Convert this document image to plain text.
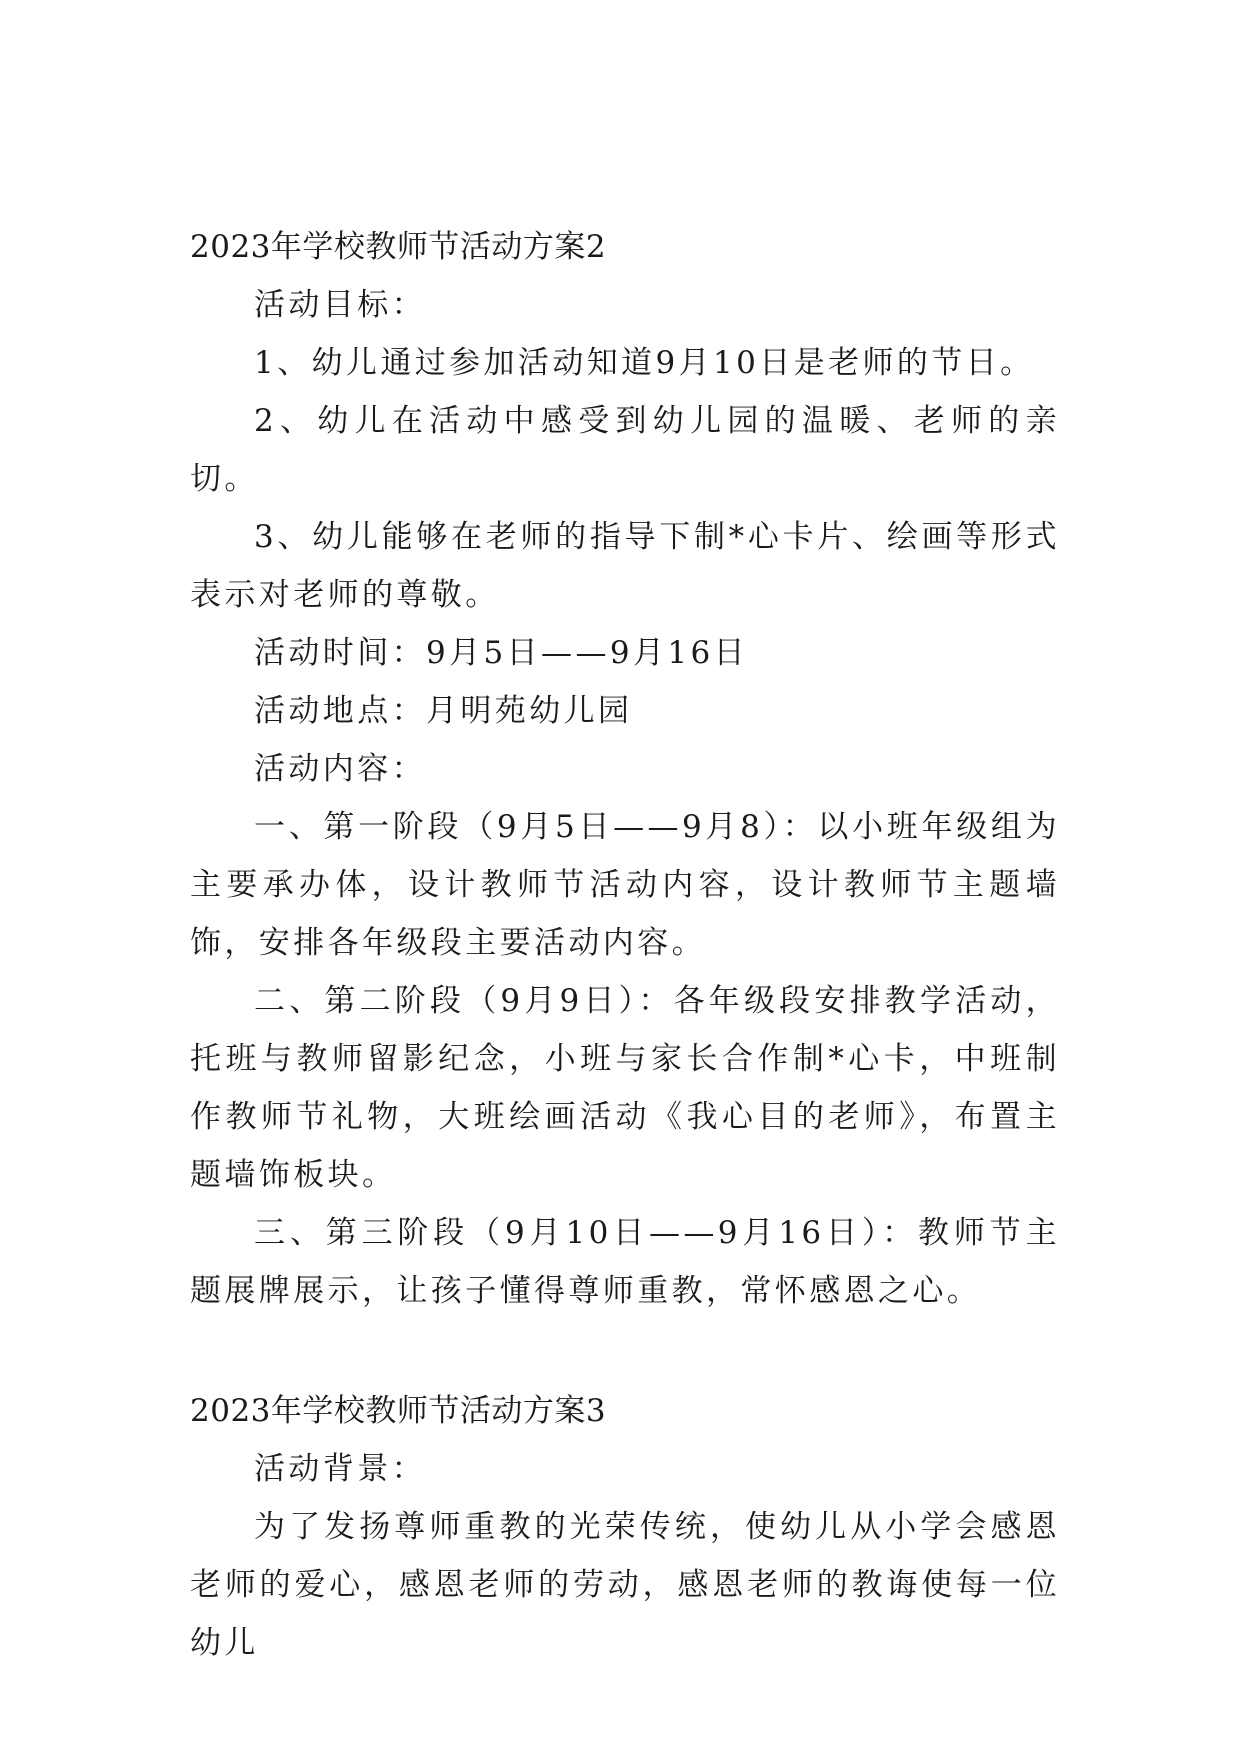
2023年学校教师节活动方案2

活动目标：

1、幼儿通过参加活动知道9月10日是老师的节日。

2、幼儿在活动中感受到幼儿园的温暖、老师的亲切。

3、幼儿能够在老师的指导下制*心卡片、绘画等形式表示对老师的尊敬。

活动时间：9月5日——9月16日

活动地点：月明苑幼儿园

活动内容：

一、第一阶段（9月5日——9月8）：以小班年级组为主要承办体，设计教师节活动内容，设计教师节主题墙饰，安排各年级段主要活动内容。

二、第二阶段（9月9日）：各年级段安排教学活动，托班与教师留影纪念，小班与家长合作制*心卡，中班制作教师节礼物，大班绘画活动《我心目的老师》，布置主题墙饰板块。

三、第三阶段（9月10日——9月16日）：教师节主题展牌展示，让孩子懂得尊师重教，常怀感恩之心。

2023年学校教师节活动方案3

活动背景：

为了发扬尊师重教的光荣传统，使幼儿从小学会感恩老师的爱心，感恩老师的劳动，感恩老师的教诲使每一位幼儿
